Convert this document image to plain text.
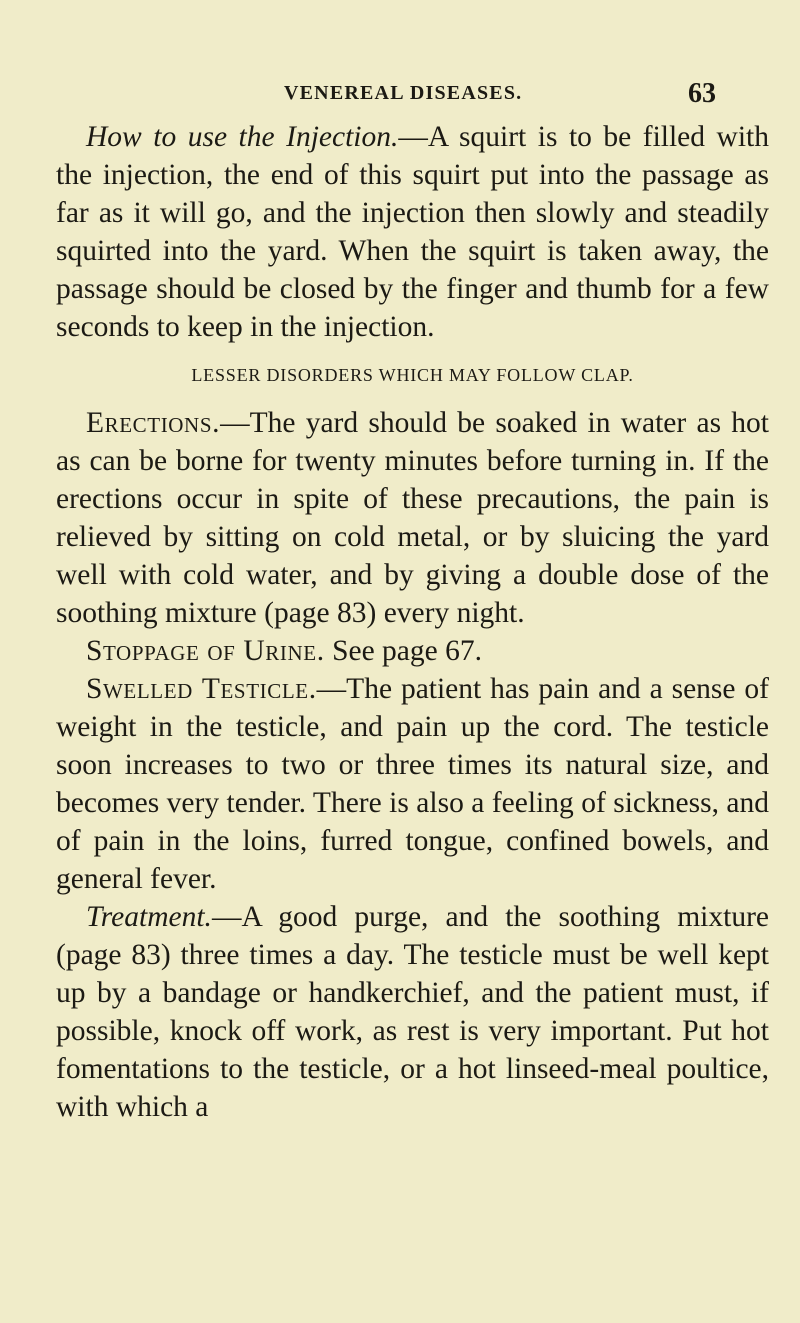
VENEREAL DISEASES.	63

How to use the Injection.—A squirt is to be filled with the injection, the end of this squirt put into the passage as far as it will go, and the injection then slowly and steadily squirted into the yard. When the squirt is taken away, the passage should be closed by the finger and thumb for a few seconds to keep in the injection.

LESSER DISORDERS WHICH MAY FOLLOW CLAP.

Erections.—The yard should be soaked in water as hot as can be borne for twenty minutes before turning in. If the erections occur in spite of these precautions, the pain is relieved by sitting on cold metal, or by sluicing the yard well with cold water, and by giving a double dose of the soothing mixture (page 83) every night.

Stoppage of Urine. See page 67.

Swelled Testicle.—The patient has pain and a sense of weight in the testicle, and pain up the cord. The testicle soon increases to two or three times its natural size, and becomes very tender. There is also a feeling of sickness, and of pain in the loins, furred tongue, confined bowels, and general fever.

Treatment.—A good purge, and the soothing mixture (page 83) three times a day. The testicle must be well kept up by a bandage or handkerchief, and the patient must, if possible, knock off work, as rest is very important. Put hot fomentations to the testicle, or a hot linseed-meal poultice, with which a
